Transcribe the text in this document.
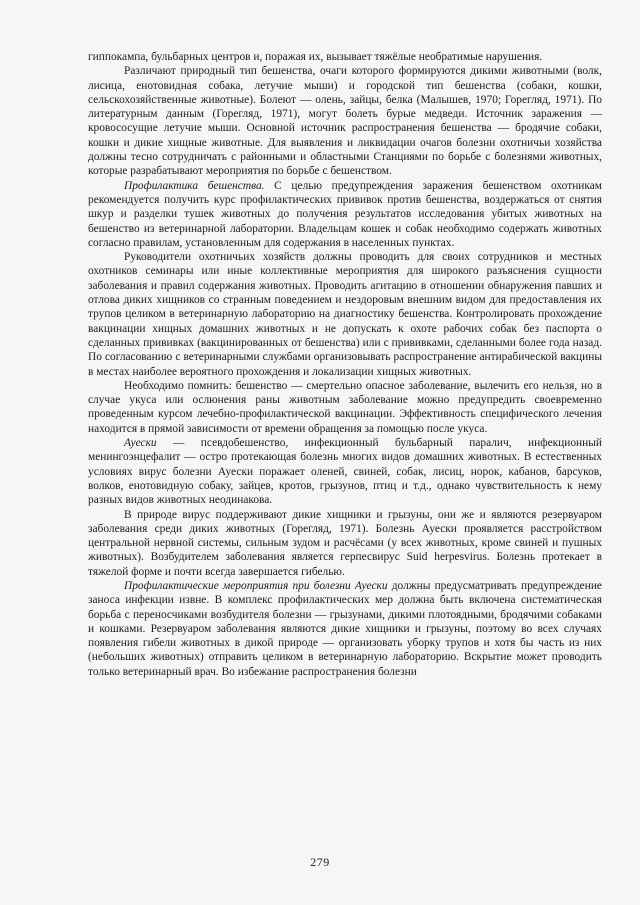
гиппокампа, бульбарных центров и, поражая их, вызывает тяжёлые необратимые нарушения.

Различают природный тип бешенства, очаги которого формируются дикими животными (волк, лисица, енотовидная собака, летучие мыши) и городской тип бешенства (собаки, кошки, сельскохозяйственные животные). Болеют — олень, зайцы, белка (Малышев, 1970; Горегляд, 1971). По литературным данным (Горегляд, 1971), могут болеть бурые медведи. Источник заражения — кровососущие летучие мыши. Основной источник распространения бешенства — бродячие собаки, кошки и дикие хищные животные. Для выявления и ликвидации очагов болезни охотничьи хозяйства должны тесно сотрудничать с районными и областными Станциями по борьбе с болезнями животных, которые разрабатывают мероприятия по борьбе с бешенством.

Профилактика бешенства. С целью предупреждения заражения бешенством охотникам рекомендуется получить курс профилактических прививок против бешенства, воздержаться от снятия шкур и разделки тушек животных до получения результатов исследования убитых животных на бешенство из ветеринарной лаборатории. Владельцам кошек и собак необходимо содержать животных согласно правилам, установленным для содержания в населенных пунктах.

Руководители охотничьих хозяйств должны проводить для своих сотрудников и местных охотников семинары или иные коллективные мероприятия для широкого разъяснения сущности заболевания и правил содержания животных. Проводить агитацию в отношении обнаружения павших и отлова диких хищников со странным поведением и нездоровым внешним видом для предоставления их трупов целиком в ветеринарную лабораторию на диагностику бешенства. Контролировать прохождение вакцинации хищных домашних животных и не допускать к охоте рабочих собак без паспорта о сделанных прививках (вакцинированных от бешенства) или с прививками, сделанными более года назад. По согласованию с ветеринарными службами организовывать распространение антирабической вакцины в местах наиболее вероятного прохождения и локализации хищных животных.

Необходимо помнить: бешенство — смертельно опасное заболевание, вылечить его нельзя, но в случае укуса или ослюнения раны животным заболевание можно предупредить своевременно проведенным курсом лечебно-профилактической вакцинации. Эффективность специфического лечения находится в прямой зависимости от времени обращения за помощью после укуса.

Ауески — псевдобешенство, инфекционный бульбарный паралич, инфекционный менингоэнцефалит — остро протекающая болезнь многих видов домашних животных. В естественных условиях вирус болезни Ауески поражает оленей, свиней, собак, лисиц, норок, кабанов, барсуков, волков, енотовидную собаку, зайцев, кротов, грызунов, птиц и т.д., однако чувствительность к нему разных видов животных неодинакова.

В природе вирус поддерживают дикие хищники и грызуны, они же и являются резервуаром заболевания среди диких животных (Горегляд, 1971). Болезнь Ауески проявляется расстройством центральной нервной системы, сильным зудом и расчёсами (у всех животных, кроме свиней и пушных животных). Возбудителем заболевания является герпесвирус Suid herpesvirus. Болезнь протекает в тяжелой форме и почти всегда завершается гибелью.

Профилактические мероприятия при болезни Ауески должны предусматривать предупреждение заноса инфекции извне. В комплекс профилактических мер должна быть включена систематическая борьба с переносчиками возбудителя болезни — грызунами, дикими плотоядными, бродячими собаками и кошками. Резервуаром заболевания являются дикие хищники и грызуны, поэтому во всех случаях появления гибели животных в дикой природе — организовать уборку трупов и хотя бы часть из них (небольших животных) отправить целиком в ветеринарную лабораторию. Вскрытие может проводить только ветеринарный врач. Во избежание распространения болезни

279
